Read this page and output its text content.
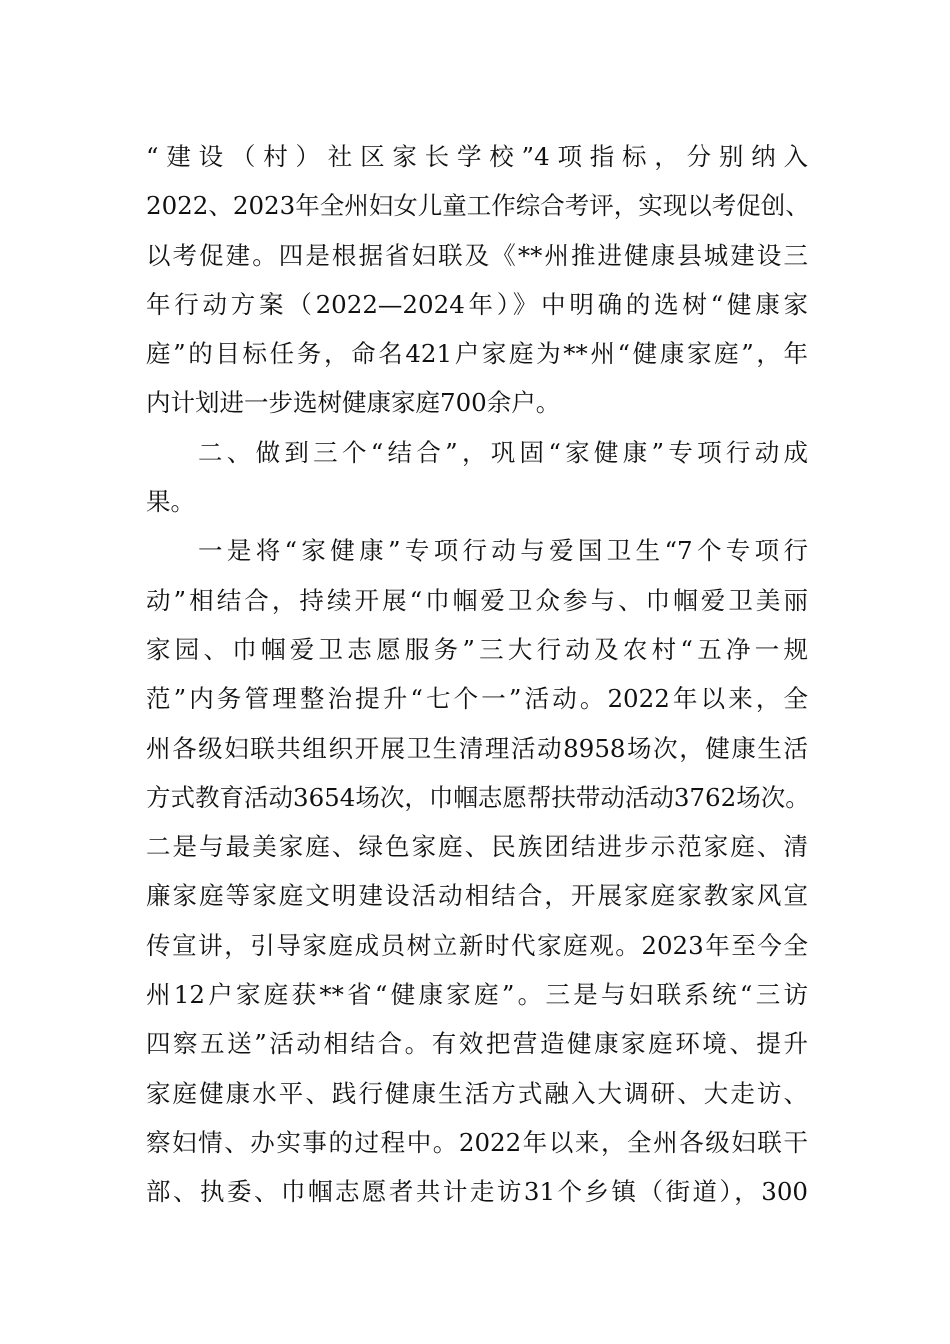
“建设（村）社区家长学校”4项指标，分别纳入
2022、2023年全州妇女儿童工作综合考评，实现以考促创、
以考促建。四是根据省妇联及《**州推进健康县城建设三
年行动方案（2022—2024年）》中明确的选树“健康家
庭”的目标任务，命名421户家庭为**州“健康家庭”，年
内计划进一步选树健康家庭700余户。
二、做到三个“结合”，巩固“家健康”专项行动成
果。
一是将“家健康”专项行动与爱国卫生“7个专项行
动”相结合，持续开展“巾帼爱卫众参与、巾帼爱卫美丽
家园、巾帼爱卫志愿服务”三大行动及农村“五净一规
范”内务管理整治提升“七个一”活动。2022年以来，全
州各级妇联共组织开展卫生清理活动8958场次，健康生活
方式教育活动3654场次，巾帼志愿帮扶带动活动3762场次。
二是与最美家庭、绿色家庭、民族团结进步示范家庭、清
廉家庭等家庭文明建设活动相结合，开展家庭家教家风宣
传宣讲，引导家庭成员树立新时代家庭观。2023年至今全
州12户家庭获**省“健康家庭”。三是与妇联系统“三访
四察五送”活动相结合。有效把营造健康家庭环境、提升
家庭健康水平、践行健康生活方式融入大调研、大走访、
察妇情、办实事的过程中。2022年以来，全州各级妇联干
部、执委、巾帼志愿者共计走访31个乡镇（街道），300
